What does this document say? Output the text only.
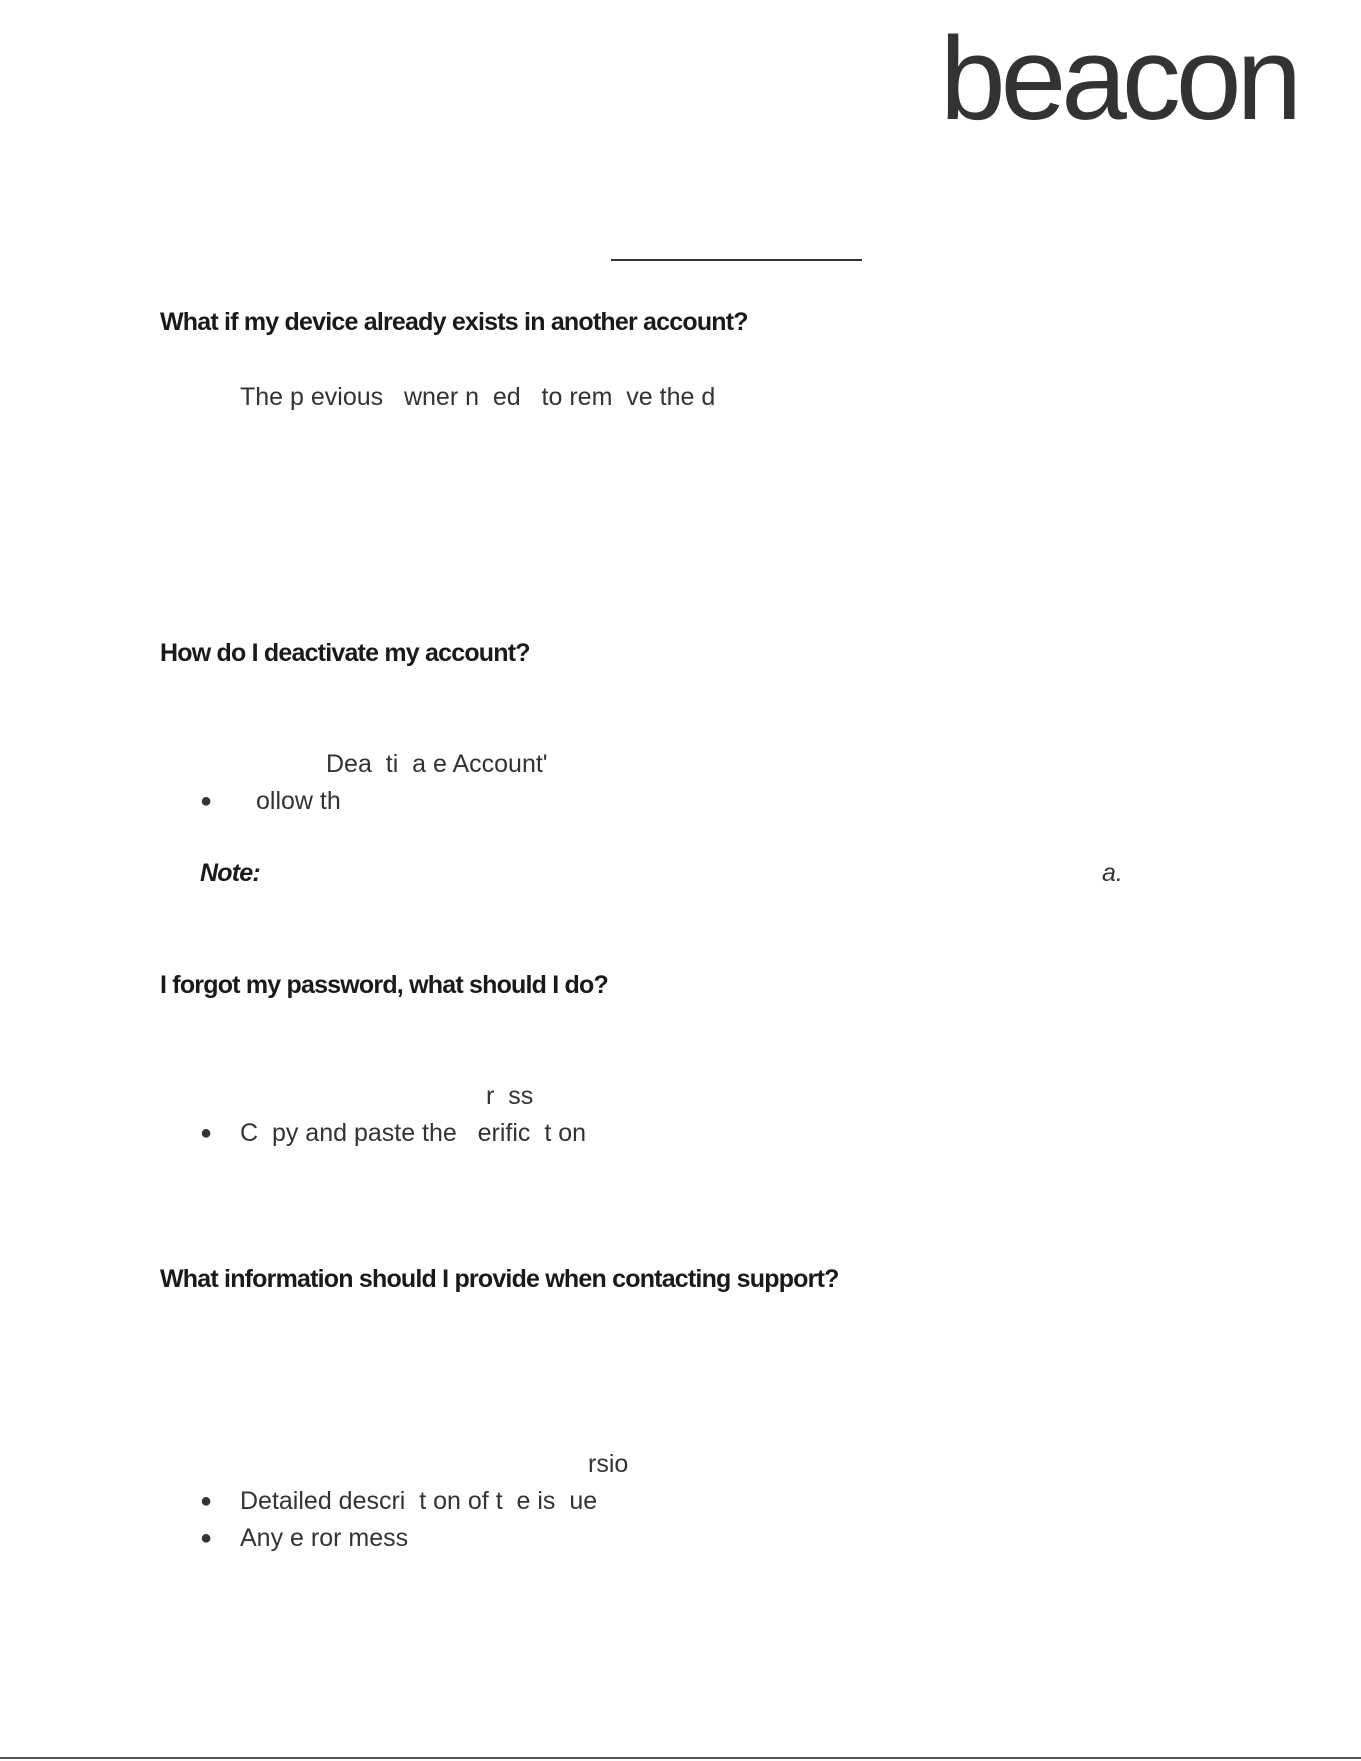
beacon
What if my device already exists in another account?

The p evious   wner n  ed   to rem  ve the d

How do I deactivate my account?

Dea  ti  a e Account'

● ollow th

Note:	a.
I forgot my password, what should I do?

r  ss

● C  py and paste the   erific  t on

What information should I provide when contacting support?

rsio

● Detailed descri  t on of t  e is  ue

● Any e ror mess
